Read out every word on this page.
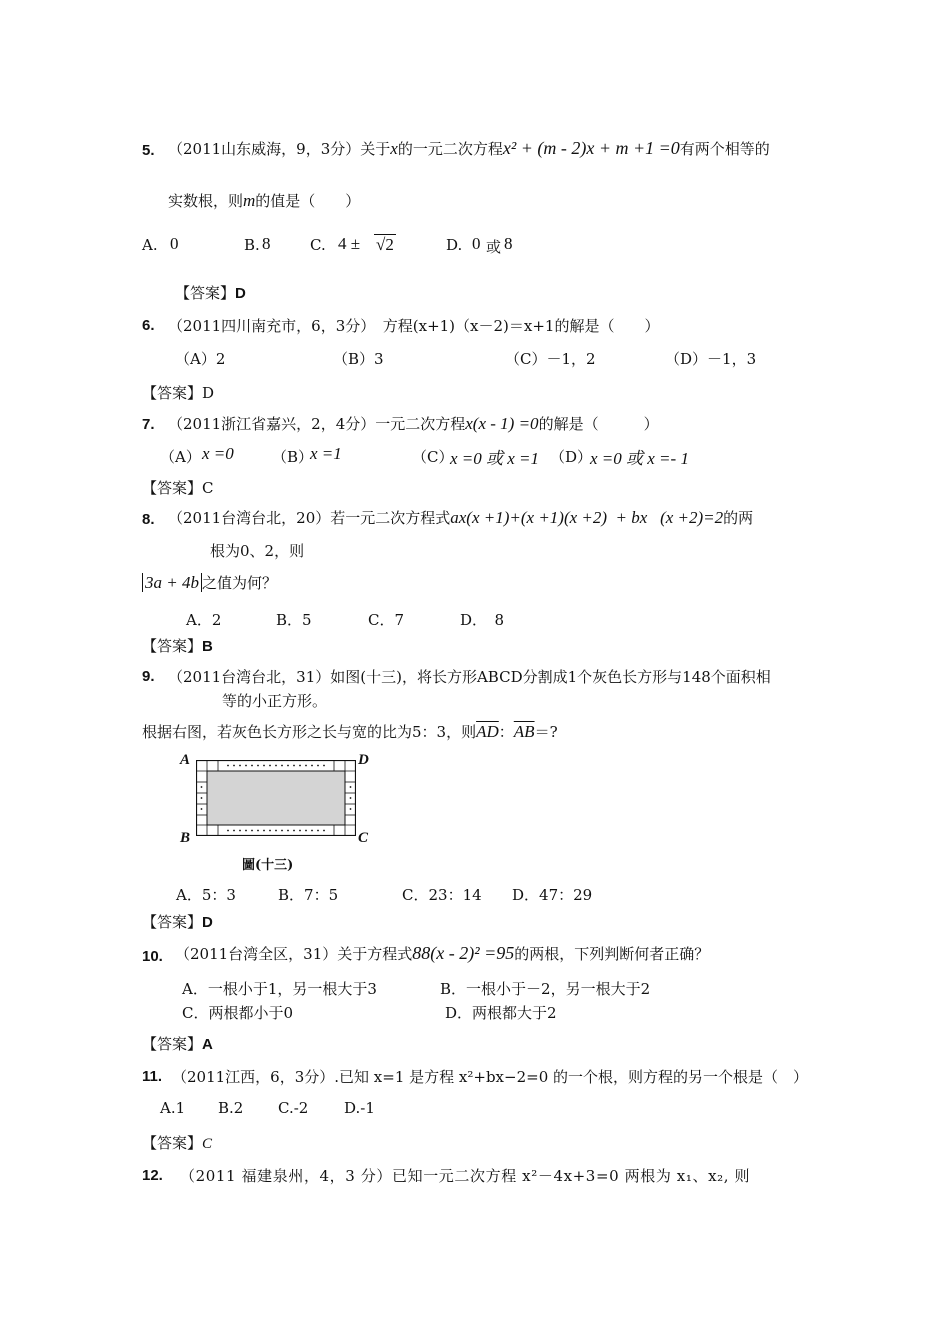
5. （2011山东威海，9，3分）关于x的一元二次方程x² + (m - 2)x + m +1 =0有两个相等的
实数根，则m的值是（　　）
A. 0	B. 8	C. 4 ± √2	D. 0 或 8
【答案】D
6. （2011四川南充市，6，3分）　方程(x+1)（x－2)＝x+1的解是（　　）
（A）2	（B）3	（C）－1，2	（D）－1，3
【答案】D
7. （2011浙江省嘉兴，2，4分）一元二次方程x(x - 1) =0的解是（　　　）
（A） x =0	（B）
x =1	（C）
x =0 或 x =1 （D）
x =0 或 x =- 1
【答案】C
8. （2011台湾台北，20）若一元二次方程式ax(x +1)+(x +1)(x +2)  + bx   (x +2)=2的两
根为0、2，则
3a + 4b 之值为何？
A．2	B．5	C．7	D．　8
【答案】B
9. （2011台湾台北，31）如图(十三)，将长方形ABCD分割成1个灰色长方形与148个面积相
等的小正方形。
根据右图，若灰色长方形之长与宽的比为5：3，则$\overline{AD}$：$\overline{AB}=$?
A	D
B	C
圖(十三)
A．5：3	B．7：5	C．23：14 D．47：29
【答案】D
10. （2011台湾全区，31）关于方程式88(x - 2)² =95的两根，下列判断何者正确？
A．一根小于1，另一根大于3	B．一根小于－2，另一根大于2
C．两根都小于0	D．两根都大于2
【答案】A
11. （2011江西，6，3分）.已知 x=1 是方程 x²+bx−2=0 的一个根，则方程的另一个根是（　）
A.1 B.2 C.-2 D.-1
【答案】C
12. （2011 福建泉州，4，3 分）已知一元二次方程 x²－4x+3=0 两根为 x₁、x₂, 则
